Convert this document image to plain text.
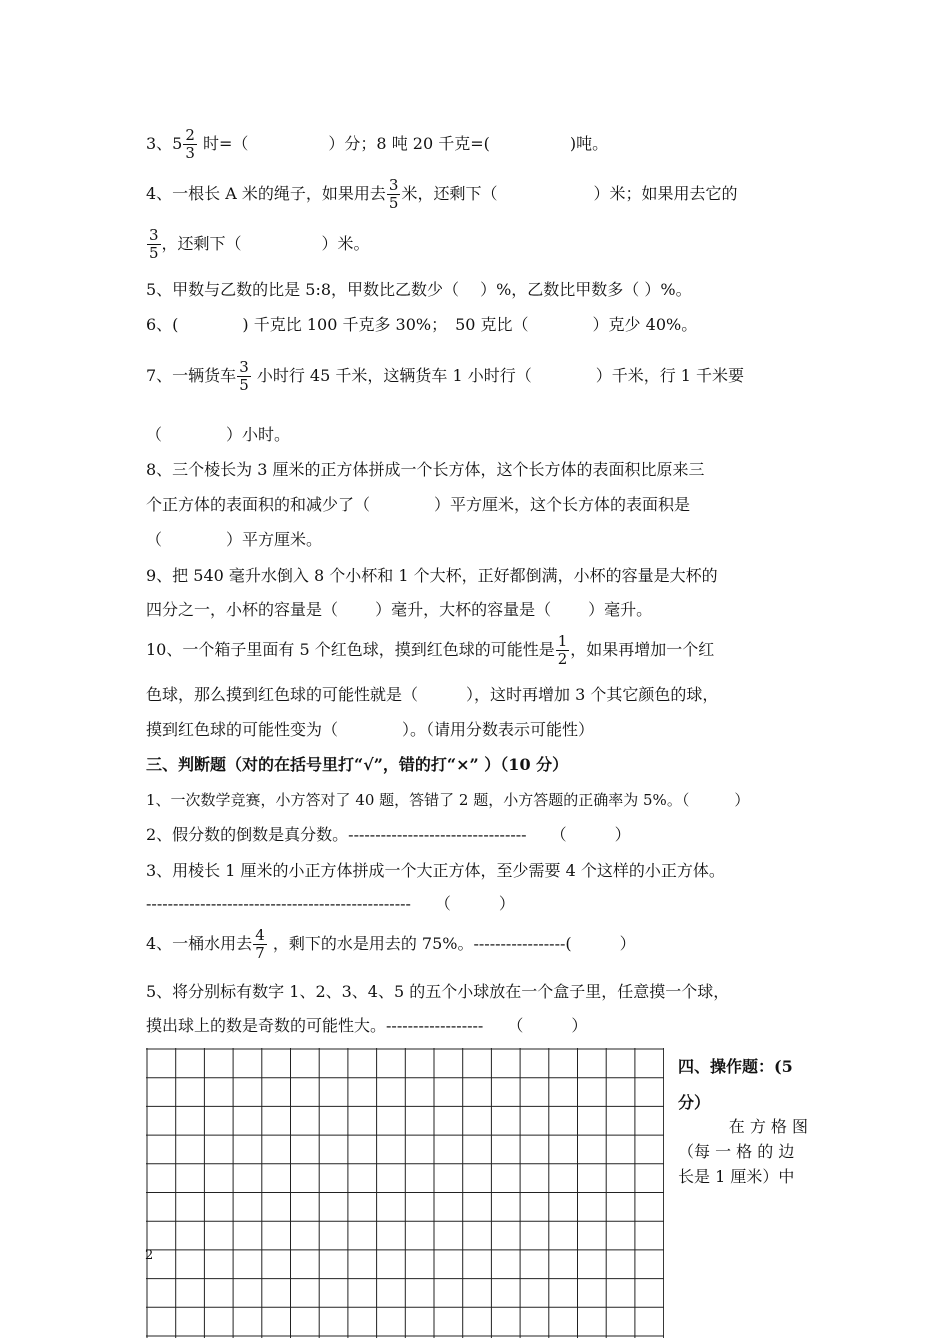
3、$5 \frac{2}{3}$ 时=（　　　　　）分；8 吨 20 千克=(　　　　　)吨。
4、一根长 A 米的绳子，如果用去 $\frac{3}{5}$ 米，还剩下（　　　　　　）米；如果用去它的
$\frac{3}{5}$ ，还剩下（　　　　　）米。
5、甲数与乙数的比是 5:8，甲数比乙数少（　 ）%，乙数比甲数多（ ）%。
6、(　　　　) 千克比 100 千克多 30%；　50 克比（　　　　）克少 40%。
7、一辆货车 $\frac{3}{5}$ 小时行 45 千米，这辆货车 1 小时行（　　　　）千米，行 1 千米要
（　　　　）小时。
8、三个棱长为 3 厘米的正方体拼成一个长方体，这个长方体的表面积比原来三
个正方体的表面积的和减少了（　　　　）平方厘米，这个长方体的表面积是
（　　　　）平方厘米。
9、把 540 毫升水倒入 8 个小杯和 1 个大杯，正好都倒满，小杯的容量是大杯的
四分之一，小杯的容量是（　　 ）毫升，大杯的容量是（　　 ）毫升。
10、一个箱子里面有 5 个红色球，摸到红色球的可能性是 $\frac{1}{2}$ ，如果再增加一个红
色球，那么摸到红色球的可能性就是（　　　），这时再增加 3 个其它颜色的球，
摸到红色球的可能性变为（　　　　）。（请用分数表示可能性）
三、判断题（对的在括号里打“√”，错的打“×” ）（10 分）
1、一次数学竞赛，小方答对了 40 题，答错了 2 题，小方答题的正确率为 5%。（　　　）
2、假分数的倒数是真分数。---------------------------------　　（　　　）
3、用棱长 1 厘米的小正方体拼成一个大正方体，至少需要 4 个这样的小正方体。
-------------------------------------------------　　（　　　）
4、一桶水用去 $\frac{4}{7}$ ，剩下的水是用去的 75%。-----------------(　　　）
5、将分别标有数字 1、2、3、4、5 的五个小球放在一个盒子里，任意摸一个球，
摸出球上的数是奇数的可能性大。------------------　　（　　　）
2
四、操作题：(5
分）
在 方 格 图
（每 一 格 的 边
长是 1 厘米）中
